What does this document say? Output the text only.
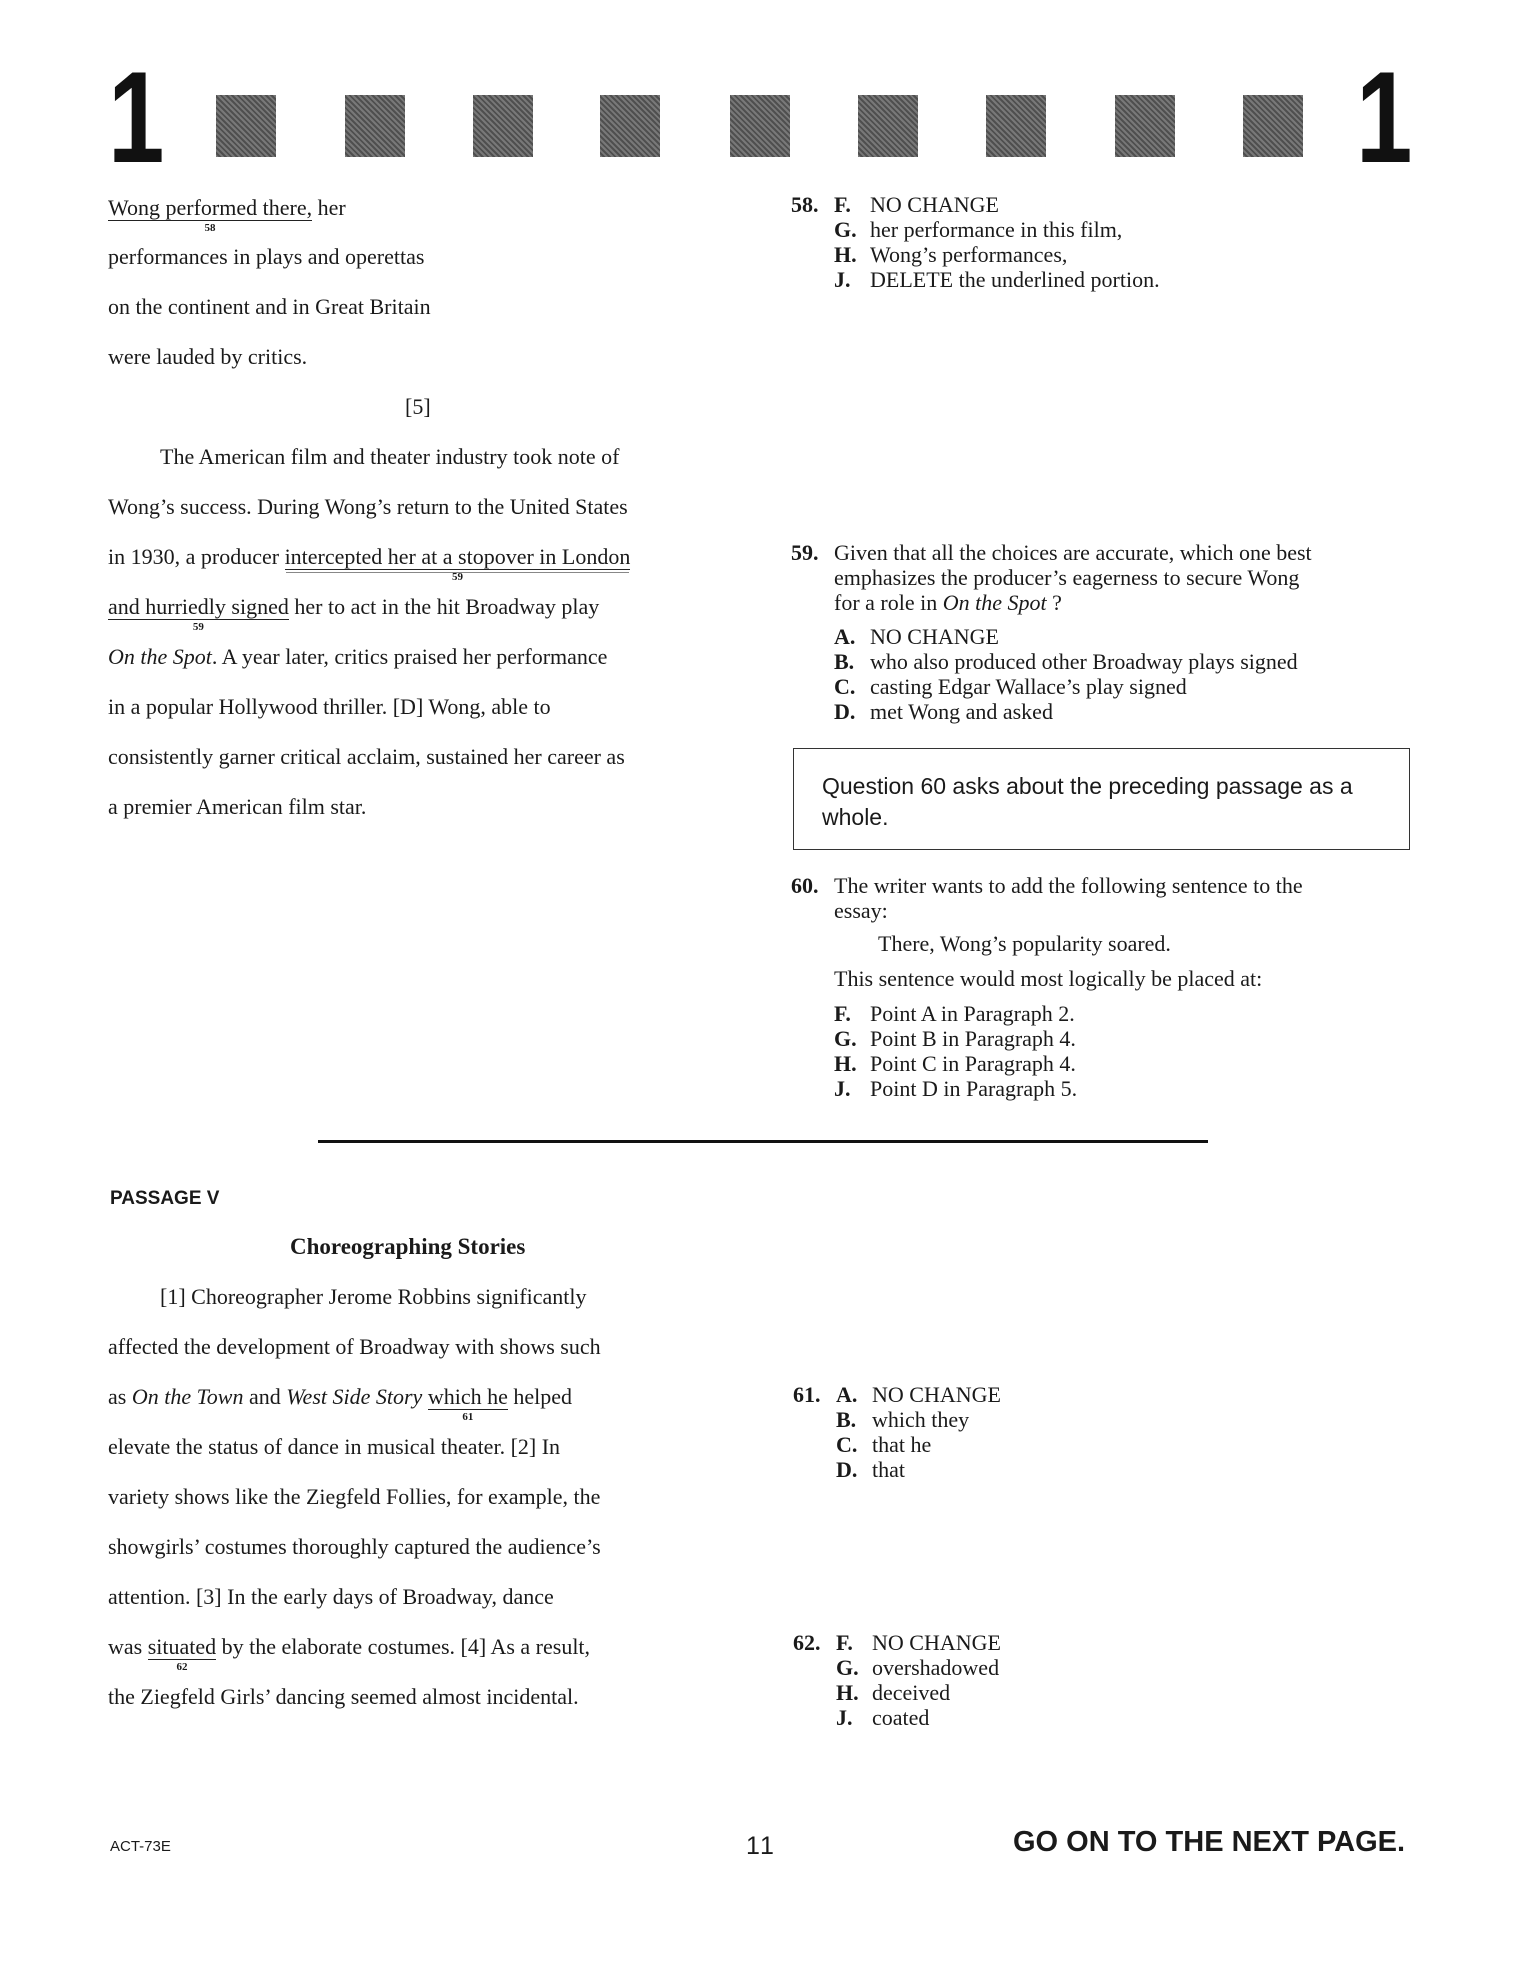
1	1
Wong performed there,
58
her
performances in plays and operettas
on the continent and in Great Britain
were lauded by critics.
[5]
The American film and theater industry took note of
Wong’s success. During Wong’s return to the United States
in 1930, a producer intercepted her at a stopover in London
59
and hurriedly signed
59
her to act in the hit Broadway play
On the Spot. A year later, critics praised her performance
in a popular Hollywood thriller. [D] Wong, able to
consistently garner critical acclaim, sustained her career as
a premier American film star.
58. F. NO CHANGE
G. her performance in this film,
H. Wong’s performances,
J. DELETE the underlined portion.
59. Given that all the choices are accurate, which one best
emphasizes the producer’s eagerness to secure Wong
for a role in On the Spot ?
A. NO CHANGE
B. who also produced other Broadway plays signed
C. casting Edgar Wallace’s play signed
D. met Wong and asked
Question 60 asks about the preceding passage as a whole.
60. The writer wants to add the following sentence to the
essay:
There, Wong’s popularity soared.
This sentence would most logically be placed at:
F. Point A in Paragraph 2.
G. Point B in Paragraph 4.
H. Point C in Paragraph 4.
J. Point D in Paragraph 5.
PASSAGE V
Choreographing Stories
[1] Choreographer Jerome Robbins significantly
affected the development of Broadway with shows such
as On the Town and West Side Story which he
61
helped
elevate the status of dance in musical theater. [2] In
variety shows like the Ziegfeld Follies, for example, the
showgirls’ costumes thoroughly captured the audience’s
attention. [3] In the early days of Broadway, dance
was situated
62
by the elaborate costumes. [4] As a result,
the Ziegfeld Girls’ dancing seemed almost incidental.
61. A. NO CHANGE
B. which they
C. that he
D. that
62. F. NO CHANGE
G. overshadowed
H. deceived
J. coated
ACT-73E	11	GO ON TO THE NEXT PAGE.
